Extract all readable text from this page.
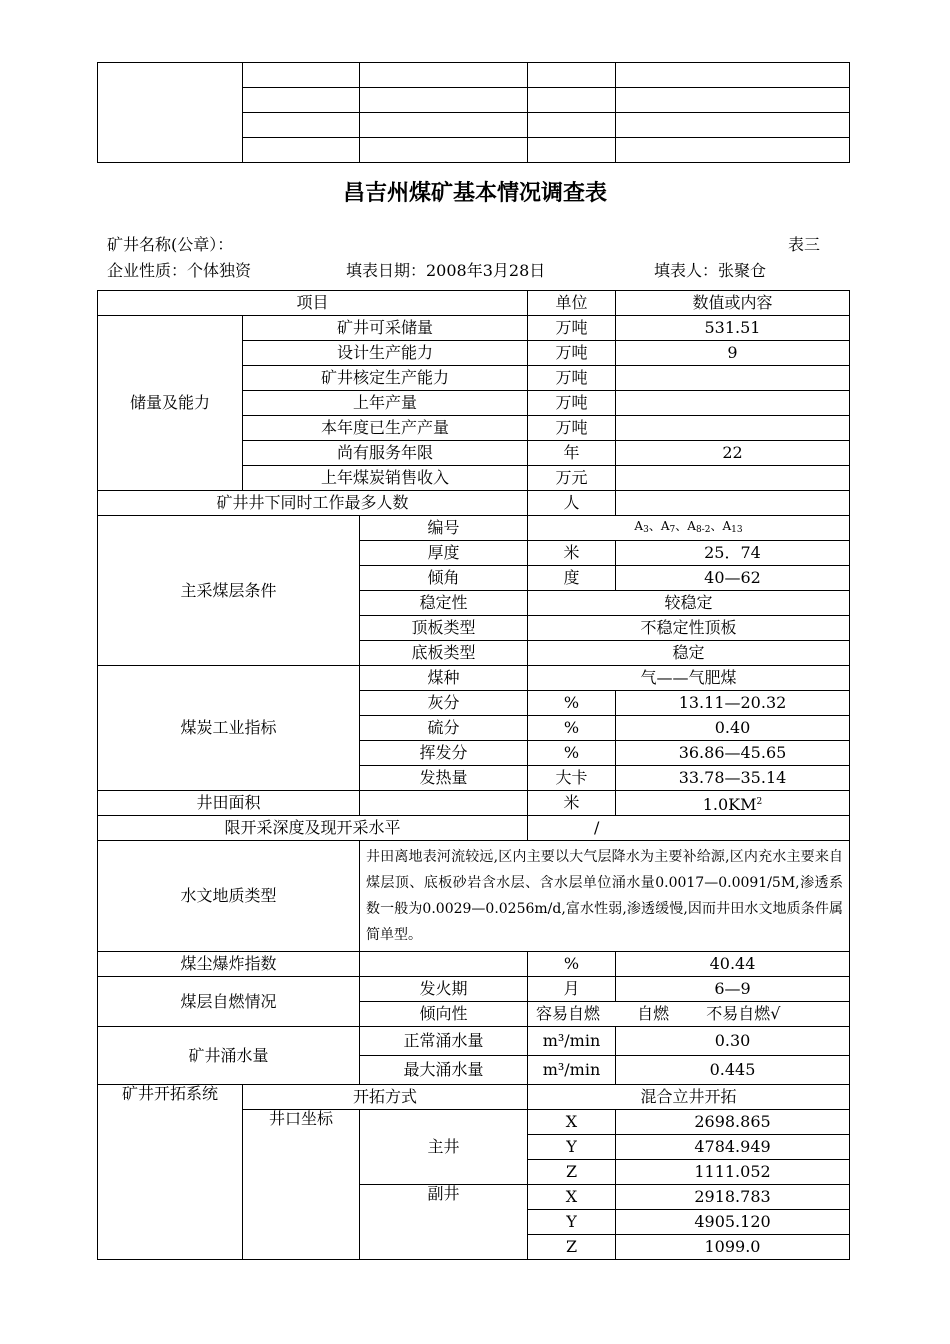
昌吉州煤矿基本情况调查表
矿井名称(公章）：	表三
企业性质：个体独资	填表日期：2008年3月28日	填表人：张聚仓
项目			单位	数值或内容
储量及能力	矿井可采储量		万吨	531.51
	设计生产能力		万吨	9
	矿井核定生产能力		万吨	
	上年产量		万吨	
	本年度已生产产量		万吨	
	尚有服务年限		年	22
	上年煤炭销售收入		万元	
矿井井下同时工作最多人数			人	
主采煤层条件		编号	$A_3$、$A_7$、$A_{8-2}$、$A_{13}$
		厚度	米	25．74
		倾角	度	40—62
		稳定性	较稳定	
		顶板类型	不稳定性顶板	
		底板类型	稳定	
煤炭工业指标		煤种	气——气肥煤	
		灰分	%	13.11—20.32
		硫分	%	0.40
		挥发分	%	36.86—45.65
		发热量	大卡	33.78—35.14
井田面积			米	$1.0KM^2$
限开采深度及现开采水平			/	
水文地质类型		井田离地表河流较远,区内主要以大气层降水为主要补给源,区内充水主要来自煤层顶、底板砂岩含水层、含水层单位涌水量0.0017—0.0091/5M,渗透系数一般为0.0029—0.0256m/d,富水性弱,渗透缓慢,因而井田水文地质条件属简单型。		
煤尘爆炸指数			%	40.44
煤层自燃情况		发火期	月	6—9
		倾向性	容易自燃 自燃 不易自燃√	
矿井涌水量		正常涌水量	m³/min	0.30
		最大涌水量	m³/min	0.445
矿井开拓系统	开拓方式		混合立井开拓	
	井口坐标	主井	X	2698.865
			Y	4784.949
			Z	1111.052
		副井	X	2918.783
			Y	4905.120
			Z	1099.0
